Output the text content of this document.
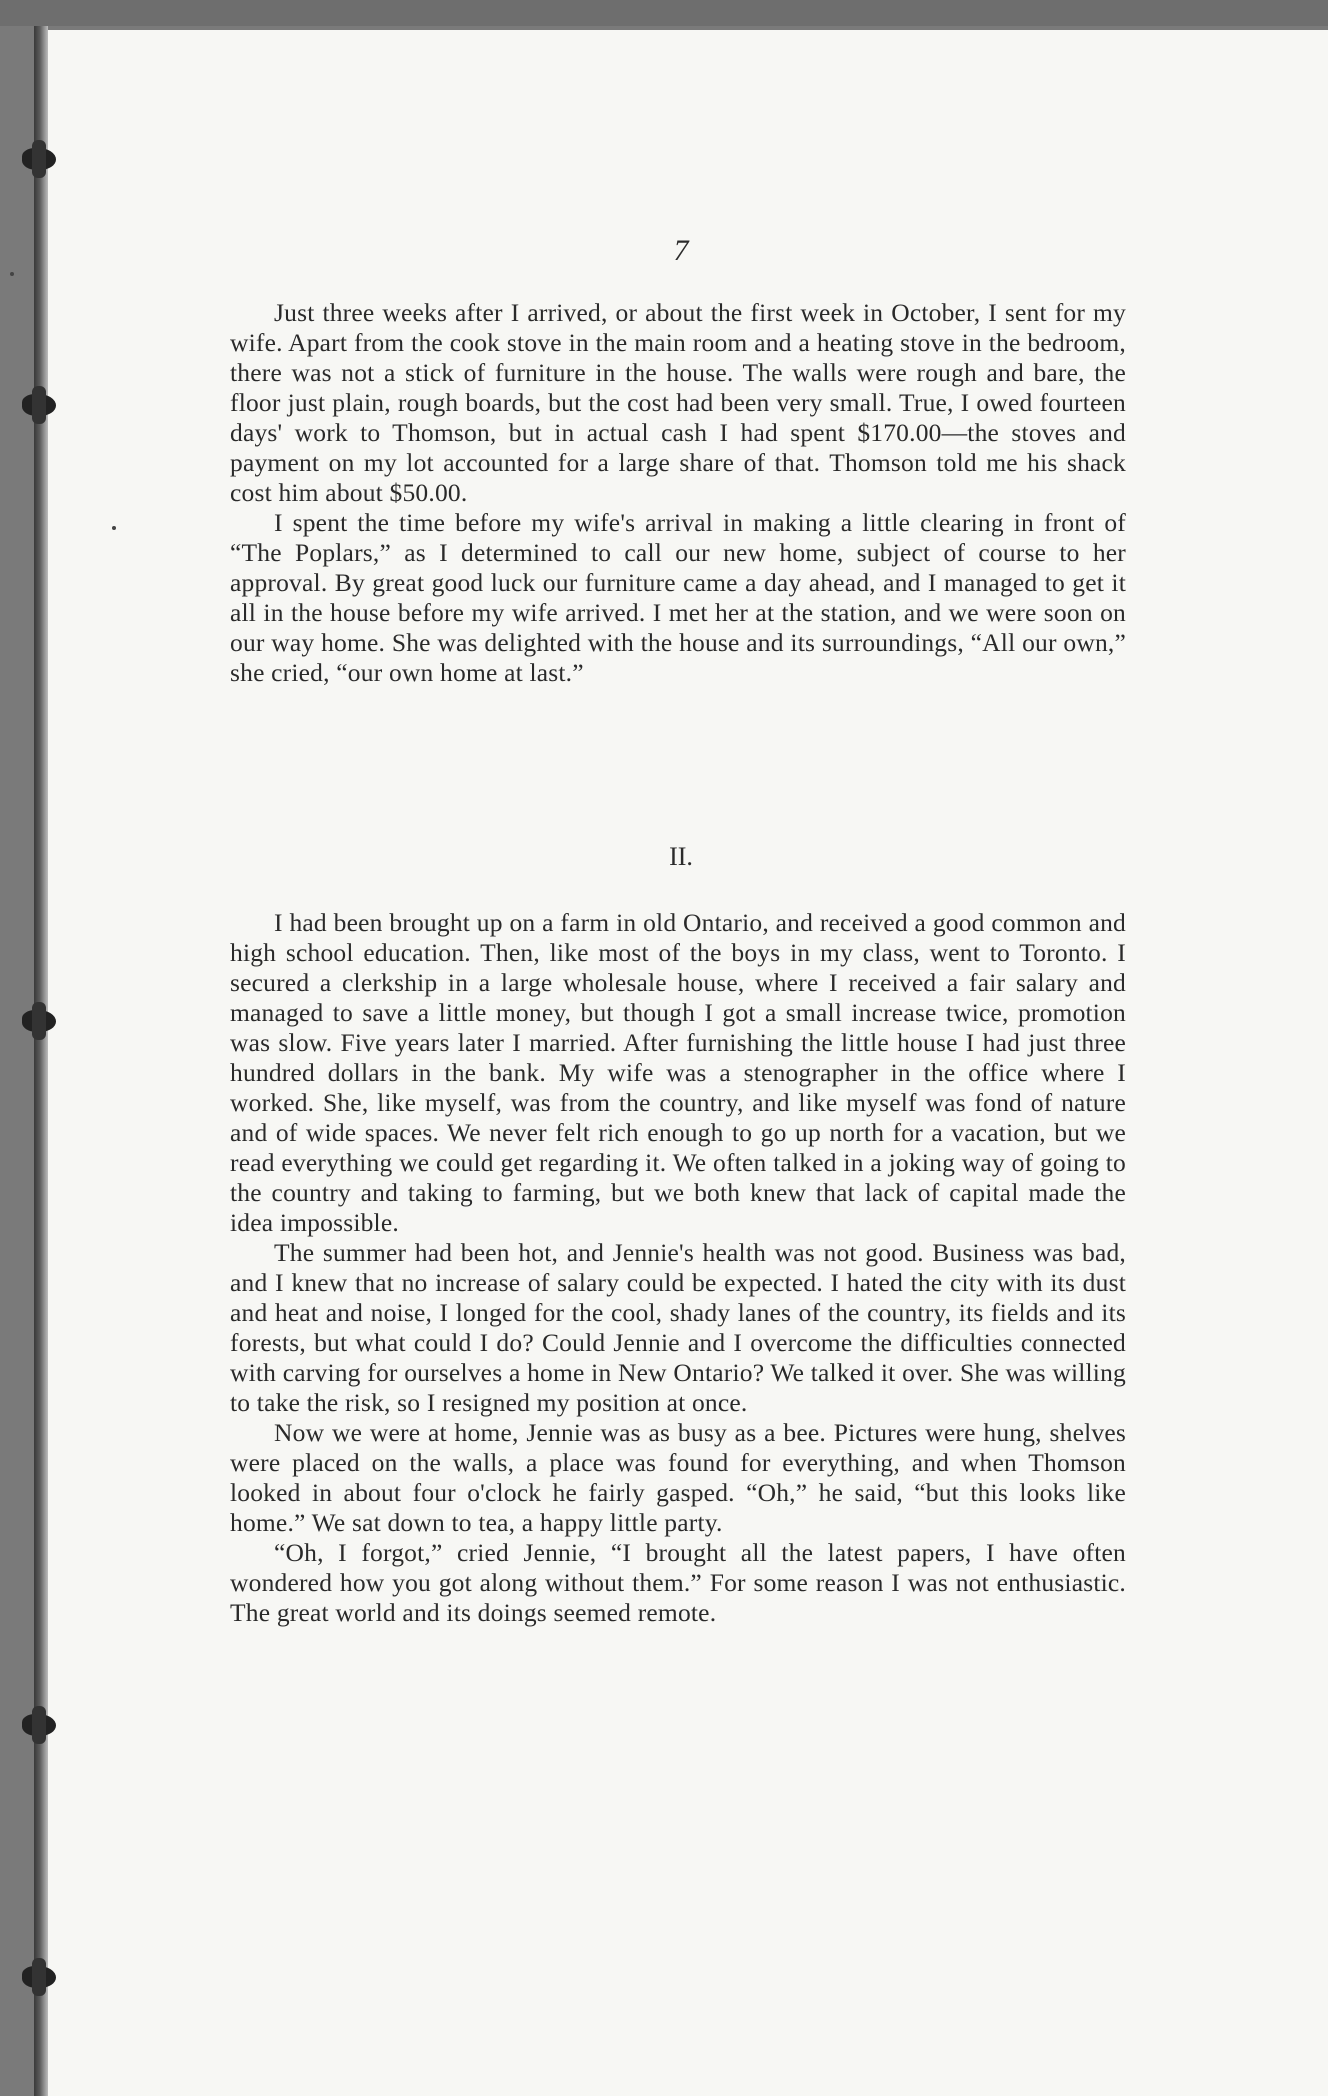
7

Just three weeks after I arrived, or about the first week in October, I sent for my wife. Apart from the cook stove in the main room and a heating stove in the bedroom, there was not a stick of furniture in the house. The walls were rough and bare, the floor just plain, rough boards, but the cost had been very small. True, I owed fourteen days' work to Thomson, but in actual cash I had spent $170.00—the stoves and payment on my lot accounted for a large share of that. Thomson told me his shack cost him about $50.00.

I spent the time before my wife's arrival in making a little clearing in front of “The Poplars,” as I determined to call our new home, subject of course to her approval. By great good luck our furniture came a day ahead, and I managed to get it all in the house before my wife arrived. I met her at the station, and we were soon on our way home. She was delighted with the house and its surroundings, “All our own,” she cried, “our own home at last.”

II.

I had been brought up on a farm in old Ontario, and received a good common and high school education. Then, like most of the boys in my class, went to Toronto. I secured a clerkship in a large wholesale house, where I received a fair salary and managed to save a little money, but though I got a small increase twice, promotion was slow. Five years later I married. After furnishing the little house I had just three hundred dollars in the bank. My wife was a stenographer in the office where I worked. She, like myself, was from the country, and like myself was fond of nature and of wide spaces. We never felt rich enough to go up north for a vacation, but we read everything we could get regarding it. We often talked in a joking way of going to the country and taking to farming, but we both knew that lack of capital made the idea impossible.

The summer had been hot, and Jennie's health was not good. Business was bad, and I knew that no increase of salary could be expected. I hated the city with its dust and heat and noise, I longed for the cool, shady lanes of the country, its fields and its forests, but what could I do? Could Jennie and I overcome the difficulties connected with carving for ourselves a home in New Ontario? We talked it over. She was willing to take the risk, so I resigned my position at once.

Now we were at home, Jennie was as busy as a bee. Pictures were hung, shelves were placed on the walls, a place was found for everything, and when Thomson looked in about four o'clock he fairly gasped. “Oh,” he said, “but this looks like home.” We sat down to tea, a happy little party.

“Oh, I forgot,” cried Jennie, “I brought all the latest papers, I have often wondered how you got along without them.” For some reason I was not enthusiastic. The great world and its doings seemed remote.
